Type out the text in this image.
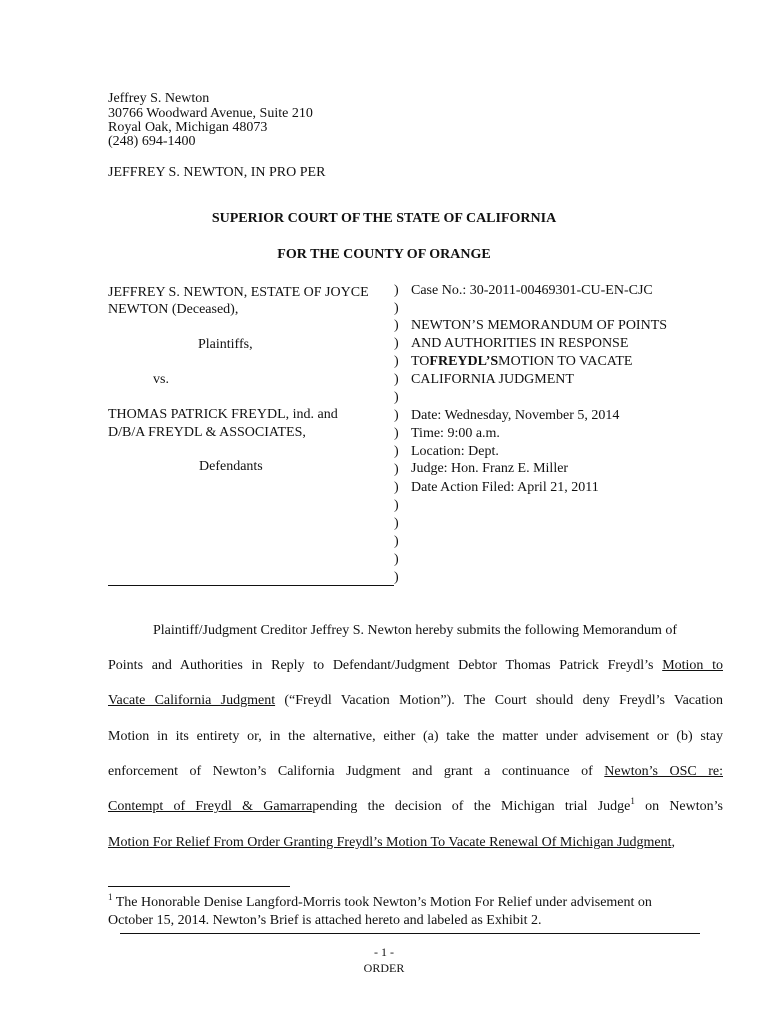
Jeffrey S. Newton
30766 Woodward Avenue, Suite 210
Royal Oak, Michigan 48073
(248) 694-1400
JEFFREY S. NEWTON, IN PRO PER
SUPERIOR COURT OF THE STATE OF CALIFORNIA
FOR THE COUNTY OF ORANGE
JEFFREY S. NEWTON, ESTATE OF JOYCE
NEWTON (Deceased),
Plaintiffs,
vs.
THOMAS PATRICK FREYDL, ind. and
D/B/A FREYDL & ASSOCIATES,
Defendants
)
)
)
)
)
)
)
)
)
)
)
)
)
)
)
)
)
Case No.: 30-2011-00469301-CU-EN-CJC
NEWTON’S MEMORANDUM OF POINTS
AND AUTHORITIES IN RESPONSE
TOFREYDL’SMOTION TO VACATE
CALIFORNIA JUDGMENT
Date: Wednesday, November 5, 2014
Time: 9:00 a.m.
Location: Dept.
Judge: Hon. Franz E. Miller
Date Action Filed: April 21, 2011
Plaintiff/Judgment Creditor Jeffrey S. Newton hereby submits the following Memorandum of
Points and Authorities in Reply to Defendant/Judgment Debtor Thomas Patrick Freydl’s Motion to
Vacate California Judgment (“Freydl Vacation Motion”). The Court should deny Freydl’s Vacation
Motion in its entirety or, in the alternative, either (a) take the matter under advisement or (b) stay
enforcement of Newton’s California Judgment and grant a continuance of Newton’s OSC re:
Contempt of Freydl & Gamarrapending the decision of the Michigan trial Judge$^1$ on Newton’s
Motion For Relief From Order Granting Freydl’s Motion To Vacate Renewal Of Michigan Judgment,
$^1$ The Honorable Denise Langford-Morris took Newton’s Motion For Relief under advisement on
October 15, 2014. Newton’s Brief is attached hereto and labeled as Exhibit 2.
- 1 -
ORDER
